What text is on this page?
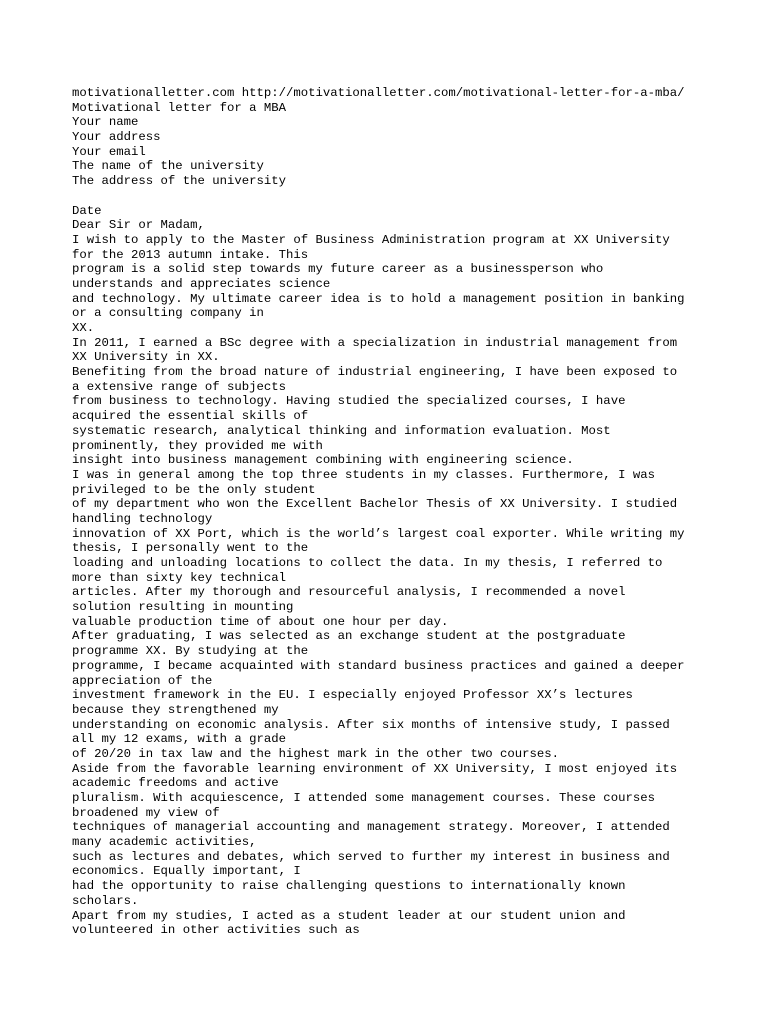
motivationalletter.com http://motivationalletter.com/motivational-letter-for-a-mba/
Motivational letter for a MBA
Your name
Your address
Your email
The name of the university
The address of the university
Date
Dear Sir or Madam,
I wish to apply to the Master of Business Administration program at XX University
for the 2013 autumn intake. This
program is a solid step towards my future career as a businessperson who
understands and appreciates science
and technology. My ultimate career idea is to hold a management position in banking
or a consulting company in
XX.
In 2011, I earned a BSc degree with a specialization in industrial management from
XX University in XX.
Benefiting from the broad nature of industrial engineering, I have been exposed to
a extensive range of subjects
from business to technology. Having studied the specialized courses, I have
acquired the essential skills of
systematic research, analytical thinking and information evaluation. Most
prominently, they provided me with
insight into business management combining with engineering science.
I was in general among the top three students in my classes. Furthermore, I was
privileged to be the only student
of my department who won the Excellent Bachelor Thesis of XX University. I studied
handling technology
innovation of XX Port, which is the world’s largest coal exporter. While writing my
thesis, I personally went to the
loading and unloading locations to collect the data. In my thesis, I referred to
more than sixty key technical
articles. After my thorough and resourceful analysis, I recommended a novel
solution resulting in mounting
valuable production time of about one hour per day.
After graduating, I was selected as an exchange student at the postgraduate
programme XX. By studying at the
programme, I became acquainted with standard business practices and gained a deeper
appreciation of the
investment framework in the EU. I especially enjoyed Professor XX’s lectures
because they strengthened my
understanding on economic analysis. After six months of intensive study, I passed
all my 12 exams, with a grade
of 20/20 in tax law and the highest mark in the other two courses.
Aside from the favorable learning environment of XX University, I most enjoyed its
academic freedoms and active
pluralism. With acquiescence, I attended some management courses. These courses
broadened my view of
techniques of managerial accounting and management strategy. Moreover, I attended
many academic activities,
such as lectures and debates, which served to further my interest in business and
economics. Equally important, I
had the opportunity to raise challenging questions to internationally known
scholars.
Apart from my studies, I acted as a student leader at our student union and
volunteered in other activities such as
